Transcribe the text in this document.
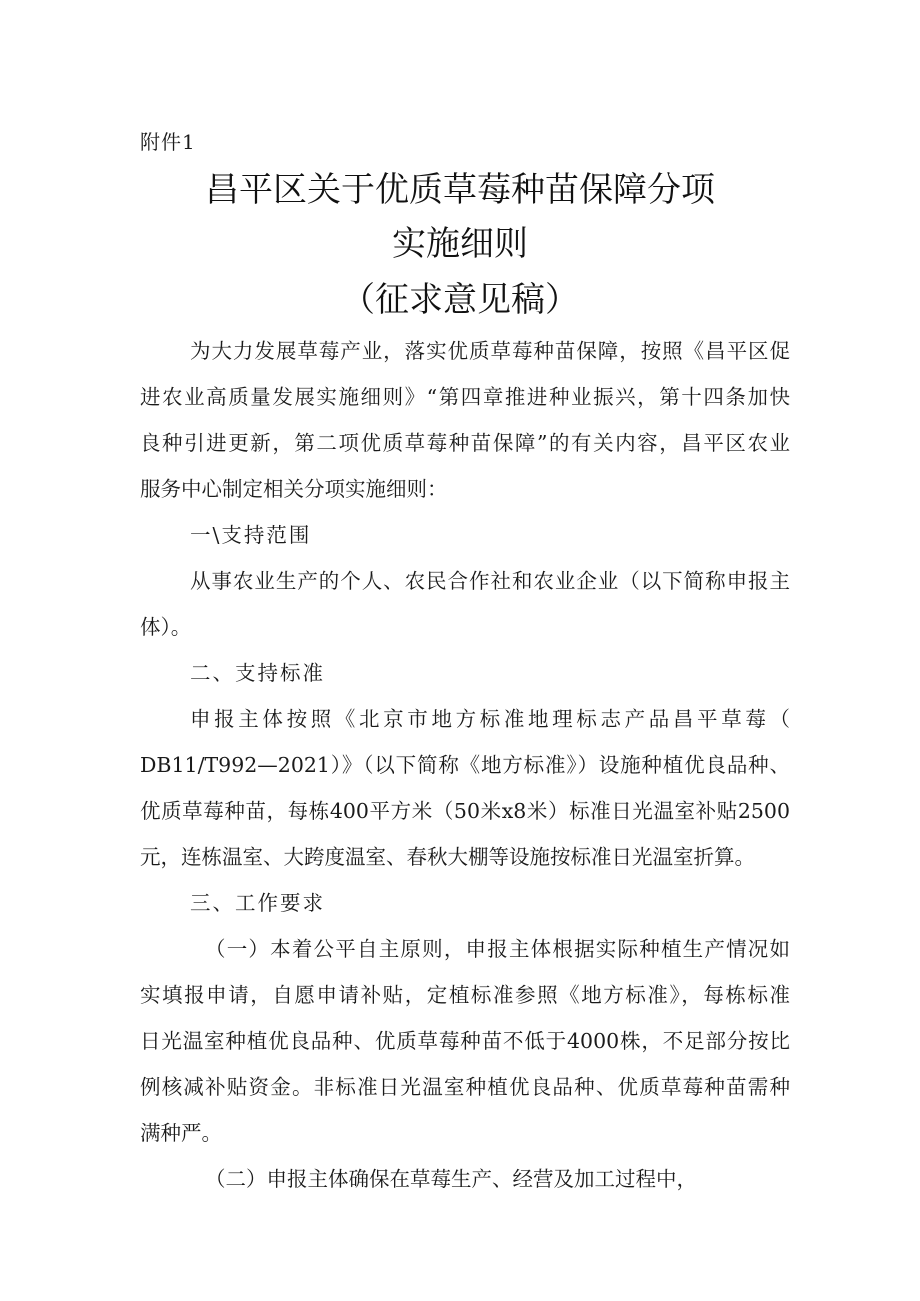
附件1
昌平区关于优质草莓种苗保障分项
实施细则
（征求意见稿）
为大力发展草莓产业，落实优质草莓种苗保障，按照《昌平区促
进农业高质量发展实施细则》“第四章推进种业振兴，第十四条加快
良种引进更新，第二项优质草莓种苗保障”的有关内容，昌平区农业
服务中心制定相关分项实施细则：
一\支持范围
从事农业生产的个人、农民合作社和农业企业（以下简称申报主
体）。
二、支持标准
申报主体按照《北京市地方标准地理标志产品昌平草莓（
DB11/T992—2021）》（以下简称《地方标准》）设施种植优良品种、
优质草莓种苗，每栋400平方米（50米x8米）标准日光温室补贴2500
元，连栋温室、大跨度温室、春秋大棚等设施按标准日光温室折算。
三、工作要求
（一）本着公平自主原则，申报主体根据实际种植生产情况如
实填报申请，自愿申请补贴，定植标准参照《地方标准》，每栋标准
日光温室种植优良品种、优质草莓种苗不低于4000株，不足部分按比
例核减补贴资金。非标准日光温室种植优良品种、优质草莓种苗需种
满种严。
（二）申报主体确保在草莓生产、经营及加工过程中，
